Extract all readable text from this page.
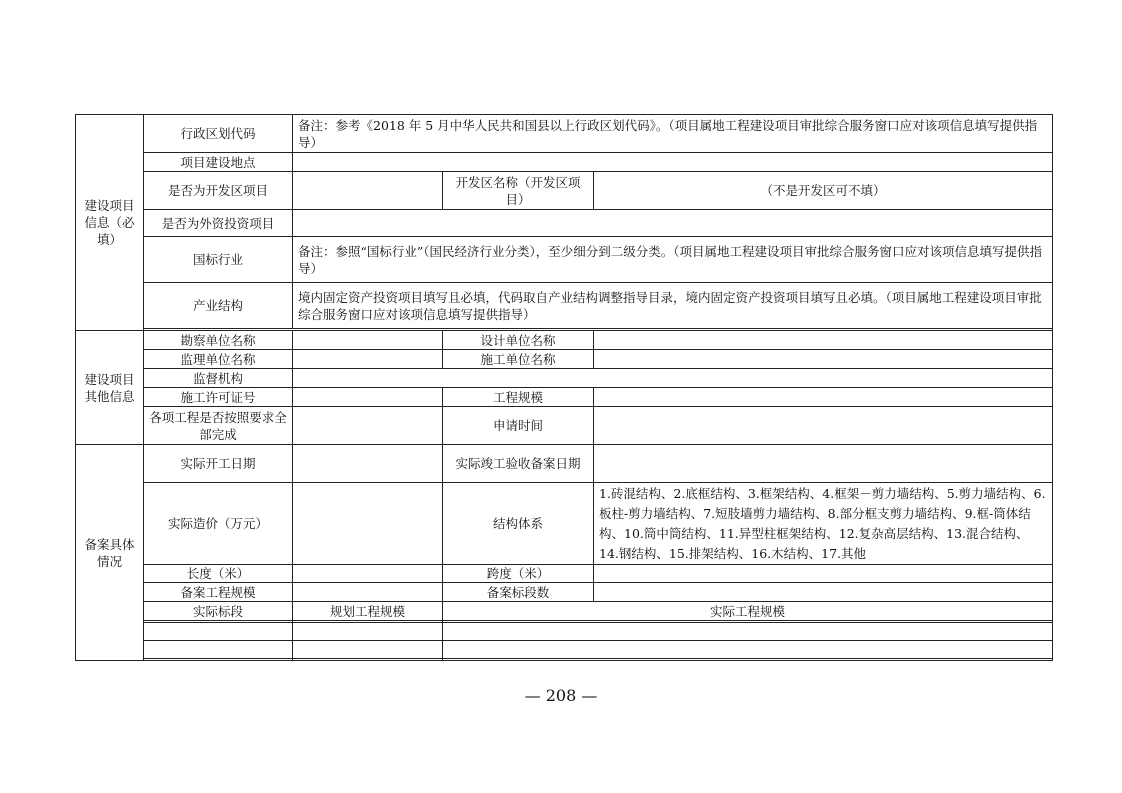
建设项目信息（必填）	行政区划代码	备注：参考《2018 年 5 月中华人民共和国县以上行政区划代码》。（项目属地工程建设项目审批综合服务窗口应对该项信息填写提供指导）		
	项目建设地点			
	是否为开发区项目		开发区名称（开发区项目）	（不是开发区可不填）
	是否为外资投资项目			
	国标行业	备注：参照“国标行业”（国民经济行业分类），至少细分到二级分类。（项目属地工程建设项目审批综合服务窗口应对该项信息填写提供指导）		
	产业结构	境内固定资产投资项目填写且必填，代码取自产业结构调整指导目录，境内固定资产投资项目填写且必填。（项目属地工程建设项目审批综合服务窗口应对该项信息填写提供指导）		

建设项目其他信息	勘察单位名称		设计单位名称	
	监理单位名称		施工单位名称	
	监督机构			
	施工许可证号		工程规模	
	各项工程是否按照要求全部完成		申请时间	
备案具体情况	实际开工日期		实际竣工验收备案日期	
	实际造价（万元）		结构体系	1.砖混结构、2.底框结构、3.框架结构、4.框架－剪力墙结构、5.剪力墙结构、6.板柱-剪力墙结构、7.短肢墙剪力墙结构、8.部分框支剪力墙结构、9.框-筒体结构、10.筒中筒结构、11.异型柱框架结构、12.复杂高层结构、13.混合结构、14.钢结构、15.排架结构、16.木结构、17.其他
	长度（米）		跨度（米）	
	备案工程规模		备案标段数	
	实际标段	规划工程规模	实际工程规模	

— 208 —
